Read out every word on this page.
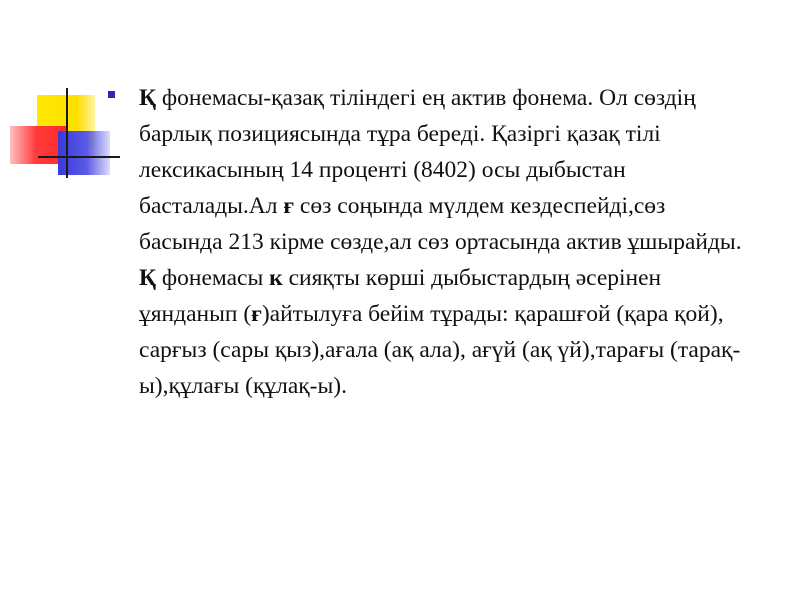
Қ фонемасы-қазақ тіліндегі ең актив фонема. Ол сөздің барлық позициясында тұра береді. Қазіргі қазақ тілі лексикасының 14 проценті (8402) осы дыбыстан басталады.Ал ғ сөз соңында мүлдем кездеспейді,сөз басында 213 кірме сөзде,ал сөз ортасында актив ұшырайды. Қ фонемасы к сияқты көрші дыбыстардың әсерінен ұянданып (ғ)айтылуға бейім тұрады: қарашғой (қара қой), сарғыз (сары қыз),ағала (ақ ала), ағүй (ақ үй),тарағы (тарақ-ы),құлағы (құлақ-ы).
